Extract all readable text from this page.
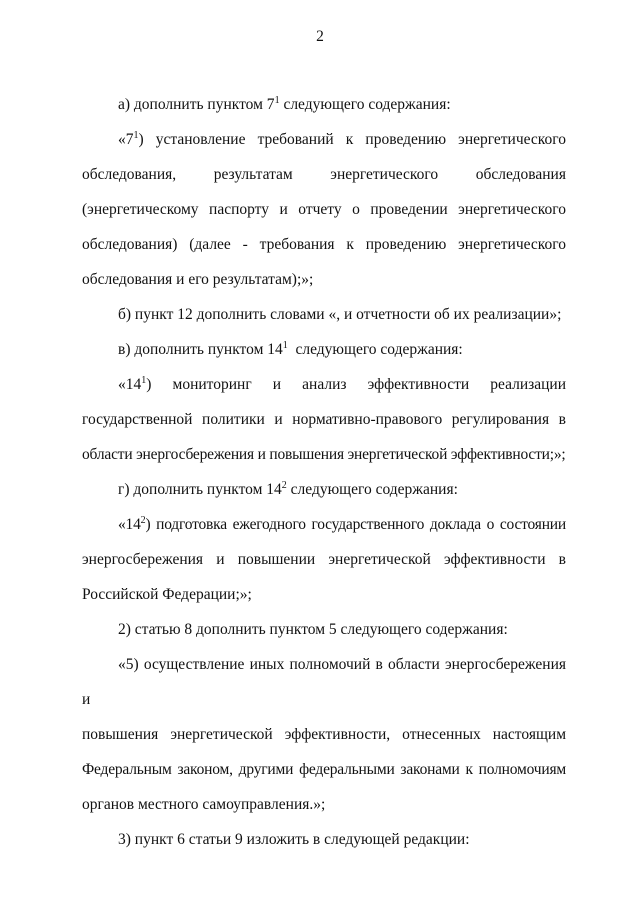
2

а) дополнить пунктом $7^1$ следующего содержания:

«$7^1$) установление требований к проведению энергетического

обследования, результатам энергетического обследования

(энергетическому паспорту и отчету о проведении энергетического

обследования) (далее - требования к проведению энергетического

обследования и его результатам);»;

б) пункт 12 дополнить словами «, и отчетности об их реализации»;

в) дополнить пунктом $14^1$  следующего содержания:

«$14^1$) мониторинг и анализ эффективности реализации

государственной политики и нормативно-правового регулирования в

области энергосбережения и повышения энергетической эффективности;»;

г) дополнить пунктом $14^2$ следующего содержания:

«$14^2$) подготовка ежегодного государственного доклада о состоянии

энергосбережения и повышении энергетической эффективности в

Российской Федерации;»;

2) статью 8 дополнить пунктом 5 следующего содержания:

«5) осуществление иных полномочий в области энергосбережения и

повышения энергетической эффективности, отнесенных настоящим

Федеральным законом, другими федеральными законами к полномочиям

органов местного самоуправления.»;

3) пункт 6 статьи 9 изложить в следующей редакции:
